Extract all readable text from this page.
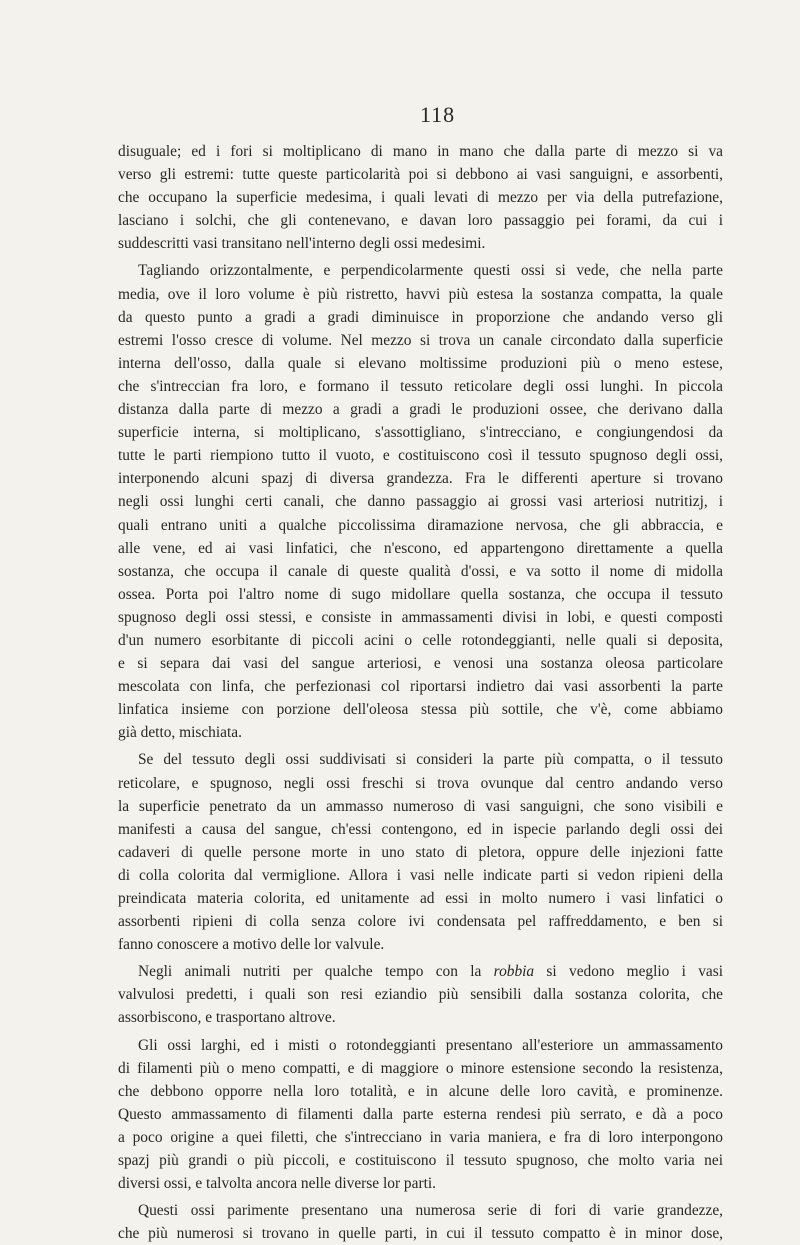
118
disuguale; ed i fori si moltiplicano di mano in mano che dalla parte di mezzo si va
verso gli estremi: tutte queste particolarità poi si debbono ai vasi sanguigni, e assorbenti,
che occupano la superficie medesima, i quali levati di mezzo per via della putrefazione,
lasciano i solchi, che gli contenevano, e davan loro passaggio pei forami, da cui i
suddescritti vasi transitano nell'interno degli ossi medesimi.
Tagliando orizzontalmente, e perpendicolarmente questi ossi si vede, che nella parte
media, ove il loro volume è più ristretto, havvi più estesa la sostanza compatta, la quale
da questo punto a gradi a gradi diminuisce in proporzione che andando verso gli
estremi l'osso cresce di volume. Nel mezzo si trova un canale circondato dalla superficie
interna dell'osso, dalla quale si elevano moltissime produzioni più o meno estese,
che s'intreccian fra loro, e formano il tessuto reticolare degli ossi lunghi. In piccola
distanza dalla parte di mezzo a gradi a gradi le produzioni ossee, che derivano dalla
superficie interna, si moltiplicano, s'assottigliano, s'intrecciano, e congiungendosi da
tutte le parti riempiono tutto il vuoto, e costituiscono così il tessuto spugnoso degli ossi,
interponendo alcuni spazj di diversa grandezza. Fra le differenti aperture si trovano
negli ossi lunghi certi canali, che danno passaggio ai grossi vasi arteriosi nutritizj, i
quali entrano uniti a qualche piccolissima diramazione nervosa, che gli abbraccia, e
alle vene, ed ai vasi linfatici, che n'escono, ed appartengono direttamente a quella
sostanza, che occupa il canale di queste qualità d'ossi, e va sotto il nome di midolla
ossea. Porta poi l'altro nome di sugo midollare quella sostanza, che occupa il tessuto
spugnoso degli ossi stessi, e consiste in ammassamenti divisi in lobi, e questi composti
d'un numero esorbitante di piccoli acini o celle rotondeggianti, nelle quali si deposita,
e si separa dai vasi del sangue arteriosi, e venosi una sostanza oleosa particolare
mescolata con linfa, che perfezionasi col riportarsi indietro dai vasi assorbenti la parte
linfatica insieme con porzione dell'oleosa stessa più sottile, che v'è, come abbiamo
già detto, mischiata.
Se del tessuto degli ossi suddivisati si consideri la parte più compatta, o il tessuto
reticolare, e spugnoso, negli ossi freschi si trova ovunque dal centro andando verso
la superficie penetrato da un ammasso numeroso di vasi sanguigni, che sono visibili e
manifesti a causa del sangue, ch'essi contengono, ed in ispecie parlando degli ossi dei
cadaveri di quelle persone morte in uno stato di pletora, oppure delle injezioni fatte
di colla colorita dal vermiglione. Allora i vasi nelle indicate parti si vedon ripieni della
preindicata materia colorita, ed unitamente ad essi in molto numero i vasi linfatici o
assorbenti ripieni di colla senza colore ivi condensata pel raffreddamento, e ben si
fanno conoscere a motivo delle lor valvule.
Negli animali nutriti per qualche tempo con la robbia si vedono meglio i vasi
valvulosi predetti, i quali son resi eziandio più sensibili dalla sostanza colorita, che
assorbiscono, e trasportano altrove.
Gli ossi larghi, ed i misti o rotondeggianti presentano all'esteriore un ammassamento
di filamenti più o meno compatti, e di maggiore o minore estensione secondo la resistenza,
che debbono opporre nella loro totalità, e in alcune delle loro cavità, e prominenze.
Questo ammassamento di filamenti dalla parte esterna rendesi più serrato, e dà a poco
a poco origine a quei filetti, che s'intrecciano in varia maniera, e fra di loro interpongono
spazj più grandi o più piccoli, e costituiscono il tessuto spugnoso, che molto varia nei
diversi ossi, e talvolta ancora nelle diverse lor parti.
Questi ossi parimente presentano una numerosa serie di fori di varie grandezze,
che più numerosi si trovano in quelle parti, in cui il tessuto compatto è in minor dose,
